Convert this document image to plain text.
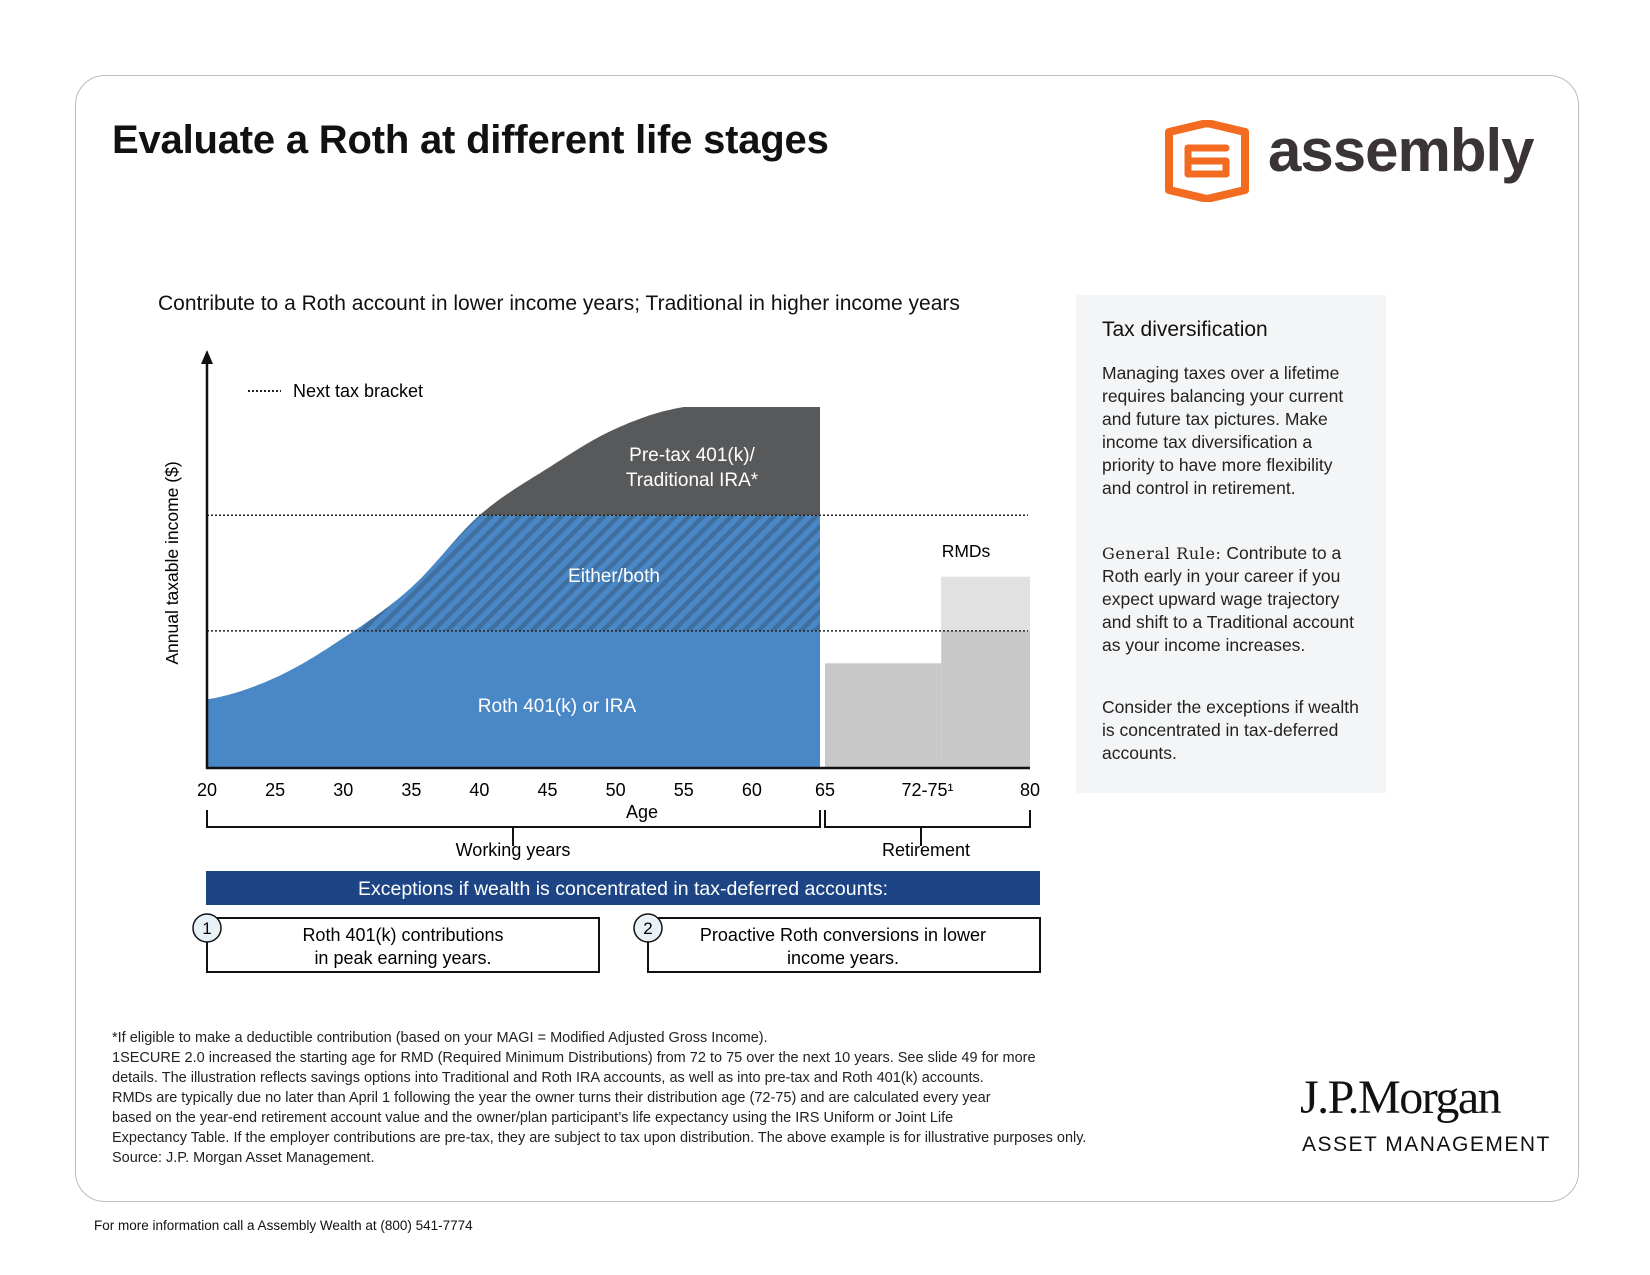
Evaluate a Roth at different life stages	assembly
Contribute to a Roth account in lower income years; Traditional in higher income years
Next tax bracket
Annual taxable income ($)
Pre-tax 401(k)/
Traditional IRA*
Either/both
Roth 401(k) or IRA
RMDs
20	25	30	35	40	45	50	55	60	65	72-75¹	80
Age
Working years	Retirement
Exceptions if wealth is concentrated in tax-deferred accounts:
1	Roth 401(k) contributions
in peak earning years.
2	Proactive Roth conversions in lower
income years.
Tax diversification
Managing taxes over a lifetime requires balancing your current and future tax pictures. Make income tax diversification a priority to have more flexibility and control in retirement.
General Rule: Contribute to a Roth early in your career if you expect upward wage trajectory and shift to a Traditional account as your income increases.
Consider the exceptions if wealth is concentrated in tax-deferred accounts.
*If eligible to make a deductible contribution (based on your MAGI = Modified Adjusted Gross Income).
1SECURE 2.0 increased the starting age for RMD (Required Minimum Distributions) from 72 to 75 over the next 10 years. See slide 49 for more
details. The illustration reflects savings options into Traditional and Roth IRA accounts, as well as into pre-tax and Roth 401(k) accounts.
RMDs are typically due no later than April 1 following the year the owner turns their distribution age (72-75) and are calculated every year
based on the year-end retirement account value and the owner/plan participant’s life expectancy using the IRS Uniform or Joint Life
Expectancy Table. If the employer contributions are pre-tax, they are subject to tax upon distribution. The above example is for illustrative purposes only.
Source: J.P. Morgan Asset Management.
J.P.Morgan
ASSET MANAGEMENT
For more information call a Assembly Wealth at (800) 541-7774
